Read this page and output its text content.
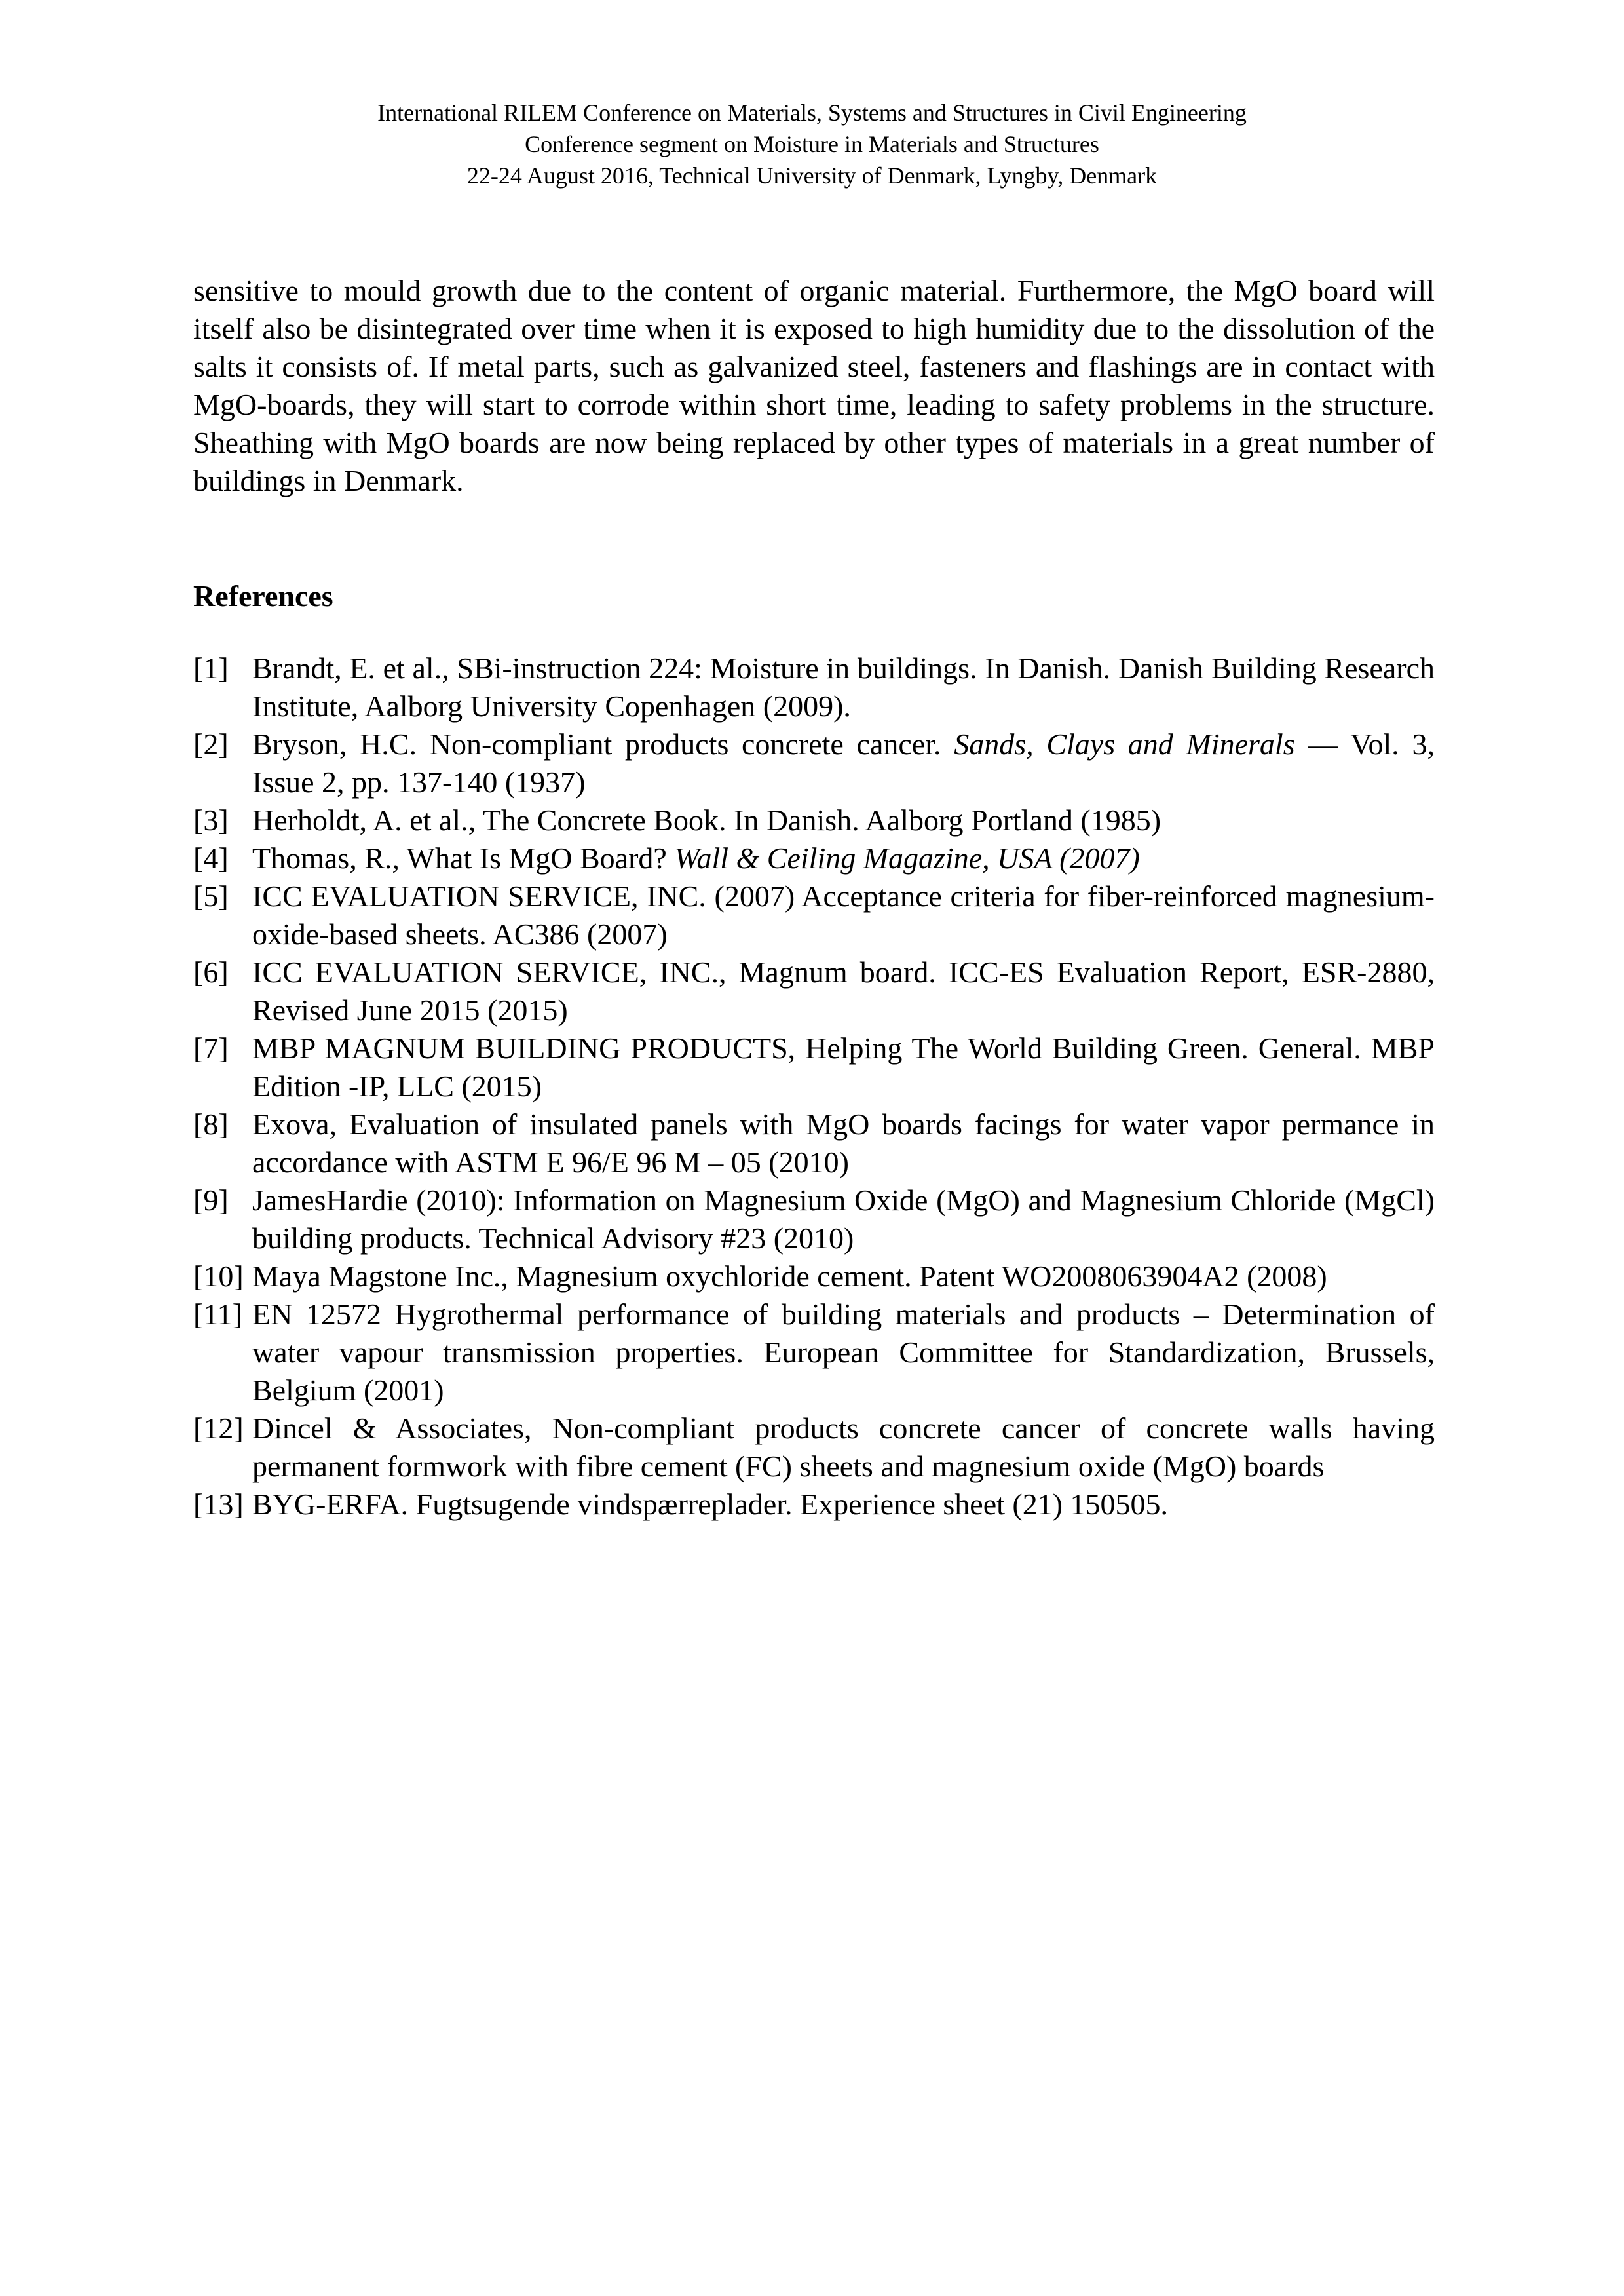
International RILEM Conference on Materials, Systems and Structures in Civil Engineering
Conference segment on Moisture in Materials and Structures
22-24 August 2016, Technical University of Denmark, Lyngby, Denmark

sensitive to mould growth due to the content of organic material. Furthermore, the MgO board will itself also be disintegrated over time when it is exposed to high humidity due to the dissolution of the salts it consists of. If metal parts, such as galvanized steel, fasteners and flashings are in contact with MgO-boards, they will start to corrode within short time, leading to safety problems in the structure. Sheathing with MgO boards are now being replaced by other types of materials in a great number of buildings in Denmark.

References
[1] Brandt, E. et al., SBi-instruction 224: Moisture in buildings. In Danish. Danish Building Research Institute, Aalborg University Copenhagen (2009).
[2] Bryson, H.C. Non-compliant products concrete cancer. Sands, Clays and Minerals — Vol. 3, Issue 2, pp. 137-140 (1937)
[3] Herholdt, A. et al., The Concrete Book. In Danish. Aalborg Portland (1985)
[4] Thomas, R., What Is MgO Board? Wall & Ceiling Magazine, USA (2007)
[5] ICC EVALUATION SERVICE, INC. (2007) Acceptance criteria for fiber-reinforced magnesium-oxide-based sheets. AC386 (2007)
[6] ICC EVALUATION SERVICE, INC., Magnum board. ICC-ES Evaluation Report, ESR-2880, Revised June 2015 (2015)
[7] MBP MAGNUM BUILDING PRODUCTS, Helping The World Building Green. General. MBP Edition -IP, LLC (2015)
[8] Exova, Evaluation of insulated panels with MgO boards facings for water vapor permance in accordance with ASTM E 96/E 96 M – 05 (2010)
[9] JamesHardie (2010): Information on Magnesium Oxide (MgO) and Magnesium Chloride (MgCl) building products. Technical Advisory #23 (2010)
[10] Maya Magstone Inc., Magnesium oxychloride cement. Patent WO2008063904A2 (2008)
[11] EN 12572 Hygrothermal performance of building materials and products – Determination of water vapour transmission properties. European Committee for Standardization, Brussels, Belgium (2001)
[12] Dincel & Associates, Non-compliant products concrete cancer of concrete walls having permanent formwork with fibre cement (FC) sheets and magnesium oxide (MgO) boards
[13] BYG-ERFA. Fugtsugende vindspærreplader. Experience sheet (21) 150505.
